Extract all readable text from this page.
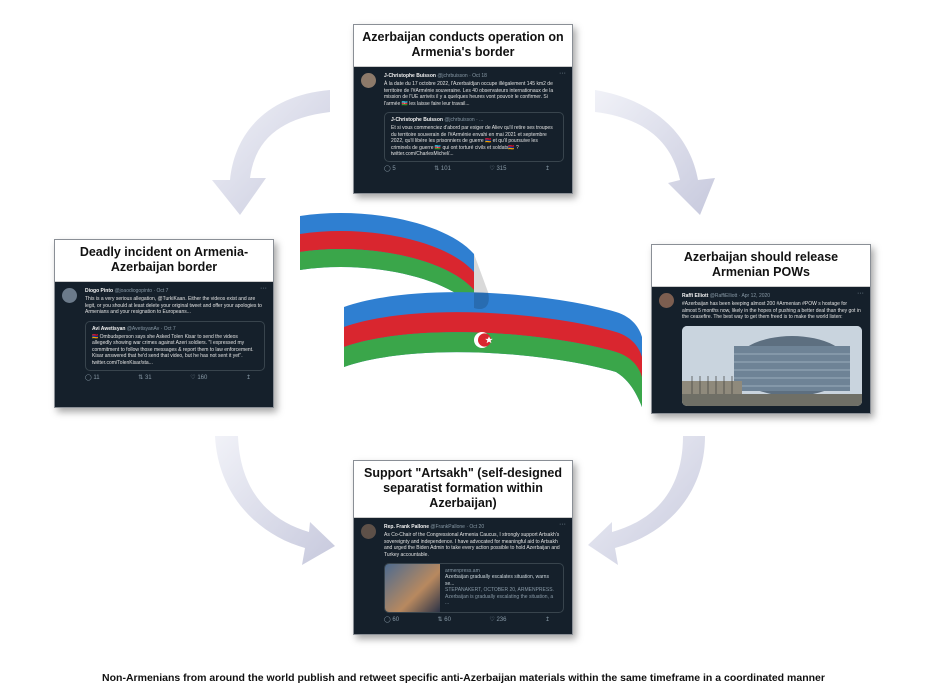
Azerbaijan conducts operation on Armenia's border
···
J-Christophe Buisson @jchrbuisson · Oct 18
À la date du 17 octobre 2022, l'Azerbaïdjan occupe illégalement 145 km2 de territoire de l'#Arménie souveraine. Les 40 observateurs internationaux de la mission de l'UE arrivés il y a quelques heures vont pouvoir le confirmer. Si l'armée 🇦🇿 les laisse faire leur travail...
J-Christophe Buisson @jchrbuisson · ...
Et si vous commenciez d'abord par exiger de Aliev qu'il retire ses troupes du territoire souverain de l'#Arménie envahi en mai 2021 et septembre 2022, qu'il libère les prisonniers de guerre 🇦🇲 et qu'il poursuive les criminels de guerre 🇦🇿 qui ont torturé civils et soldats🇦🇲 ? twitter.com/CharlesMichel/...
◯ 5	⇅ 101	♡ 315	↥
Deadly incident on Armenia-Azerbaijan border
···
Diogo Pinto @joaodiogopinto · Oct 7
This is a very serious allegation, @TurkiKaan. Either the videos exist and are legit, or you should at least delete your original tweet and offer your apologies to Armenians and your resignation to Europeans...
Avi Awetisyan @AvetisyanAv · Oct 7
🇦🇲 Ombudsperson says she Asked Tolen Kisar to send the videos allegedly showing war crimes against Azeri soldiers. "I expressed my commitment to follow those messages & report them to law enforcement. Kisar answered that he'd send that video, but he has not sent it yet". twitter.com/TolenKisar/sta...
◯ 11	⇅ 31	♡ 160	↥
Azerbaijan should release Armenian POWs
···
Raffi Elliott @RaffiElliott · Apr 12, 2020
#Azerbaijan has been keeping almost 200 #Armenian #POW s hostage for almost 5 months now, likely in the hopes of pushing a better deal than they got in the ceasefire. The best way to get them freed is to make the world listen:
Support "Artsakh" (self-designed separatist formation within Azerbaijan)
···
Rep. Frank Pallone @FrankPallone · Oct 20
As Co-Chair of the Congressional Armenia Caucus, I strongly support Artsakh's sovereignty and independence. I have advocated for meaningful aid to Artsakh and urged the Biden Admin to take every action possible to hold Azerbaijan and Turkey accountable.
armenpress.am
Azerbaijan gradually escalates situation, warns se...
STEPANAKERT, OCTOBER 20, ARMENPRESS. Azerbaijan is gradually escalating the situation, a ...
◯ 60	⇅ 60	♡ 236	↥
Non-Armenians from around the world publish and retweet specific anti-Azerbaijan materials within the same timeframe in a coordinated manner
